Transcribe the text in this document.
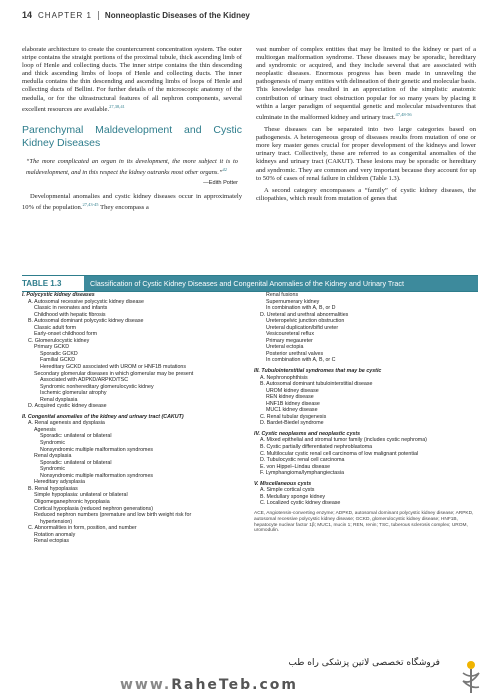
14 CHAPTER 1 Nonneoplastic Diseases of the Kidney

elaborate architecture to create the countercurrent concentration system. The outer stripe contains the straight portions of the proximal tubule, thick ascending limb of loop of Henle and collecting ducts. The inner stripe contains the thin descending and thick ascending limbs of loops of Henle and collecting ducts. The inner medulla contains the thin descending and ascending limbs of loops of Henle and collecting ducts of Bellini. For further details of the microscopic anatomy of the medulla, or for the ultrastructural features of all nephron components, several excellent resources are available.$^{27,38,41}$

Parenchymal Maldevelopment and Cystic Kidney Diseases
“The more complicated an organ in its development, the more subject it is to maldevelopment, and in this respect the kidney outranks most other organs.”$^{42}$
—Edith Potter

Developmental anomalies and cystic kidney diseases occur in approximately 10% of the population.$^{27,43-45}$ They encompass a

vast number of complex entities that may be limited to the kidney or part of a multiorgan malformation syndrome. These diseases may be sporadic, hereditary and syndromic or acquired, and they include several that are associated with neoplastic diseases. Enormous progress has been made in unraveling the pathogenesis of many entities with delineation of their genetic and molecular basis. This knowledge has resulted in an appreciation of the simplistic anatomic contribution of urinary tract obstruction popular for so many years by placing it within a larger paradigm of sequential genetic and molecular misadventures that culminate in the malformed kidney and urinary tract.$^{47,48-56}$

These diseases can be separated into two large categories based on pathogenesis. A heterogeneous group of diseases results from mutation of one or more key master genes crucial for proper development of the kidneys and lower urinary tract. Collectively, these are referred to as congenital anomalies of the kidneys and urinary tract (CAKUT). These lesions may be sporadic or hereditary and syndromic. They are common and very important because they account for up to 50% of cases of renal failure in children (Table 1.3).

A second category encompasses a “family” of cystic kidney diseases, the ciliopathies, which result from mutation of genes that

TABLE 1.3	Classification of Cystic Kidney Diseases and Congenital Anomalies of the Kidney and Urinary Tract
I. Polycystic kidney diseases
A. Autosomal recessive polycystic kidney disease
Classic in neonates and infants
Childhood with hepatic fibrosis
B. Autosomal dominant polycystic kidney disease
Classic adult form
Early-onset childhood form
C. Glomerulocystic kidney
Primary GCKD
Sporadic GCKD
Familial GCKD
Hereditary GCKD associated with UROM or HNF1B mutations
Secondary glomerular diseases in which glomerular may be present
Associated with ADPKD/ARPKD/TSC
Syndromic nonhereditary glomerulocystic kidney
Ischemic glomerular atrophy
Renal dysplasia
D. Acquired cystic kidney disease
II. Congenital anomalies of the kidney and urinary tract (CAKUT)
A. Renal agenesis and dysplasia
Agenesis
Sporadic: unilateral or bilateral
Syndromic
Nonsyndromic multiple malformation syndromes
Renal dysplasia
Sporadic: unilateral or bilateral
Syndromic
Nonsyndromic multiple malformation syndromes
Hereditary adysplasia
B. Renal hypoplasias
Simple hypoplasia: unilateral or bilateral
Oligomeganephronic hypoplasia
Cortical hypoplasia (reduced nephron generations)
Reduced nephron numbers (premature and low birth weight risk for
hypertension)
C. Abnormalities in form, position, and number
Rotation anomaly
Renal ectopias
Renal fusions
Supernumerary kidney
In combination with A, B, or D
D. Ureteral and urethral abnormalities
Ureteropelvic junction obstruction
Ureteral duplication/bifid ureter
Vesicoureteral reflux
Primary megaureter
Ureteral ectopia
Posterior urethral valves
In combination with A, B, or C
III. Tubulointerstitial syndromes that may be cystic
A. Nephronophthisis
B. Autosomal dominant tubulointerstitial disease
UROM kidney disease
REN kidney disease
HNF1B kidney disease
MUC1 kidney disease
C. Renal tubular dysgenesis
D. Bardet-Biedel syndrome
IV. Cystic neoplasms and neoplastic cysts
A. Mixed epithelial and stromal tumor family (includes cystic nephroma)
B. Cystic partially differentiated nephroblastoma
C. Multilocular cystic renal cell carcinoma of low malignant potential
D. Tubulocystic renal cell carcinoma
E. von Hippel–Lindau disease
F. Lymphangioma/lymphangiectasia
V. Miscellaneous cysts
A. Simple cortical cysts
B. Medullary sponge kidney
C. Localized cystic kidney disease
ACE, Angiotensin-converting enzyme; ADPKD, autosomal dominant polycystic kidney disease; ARPKD, autosomal recessive polycystic kidney disease; GCKD, glomerulocystic kidney disease; HNF1B, hepatocyte nuclear factor 1β; MUC1, mucin 1; REN, renin; TSC, tuberous sclerosis complex; UROM, uromodulin.
فروشگاه تخصصی لاتین پزشکی راه طب
www.RaheTeb.com
